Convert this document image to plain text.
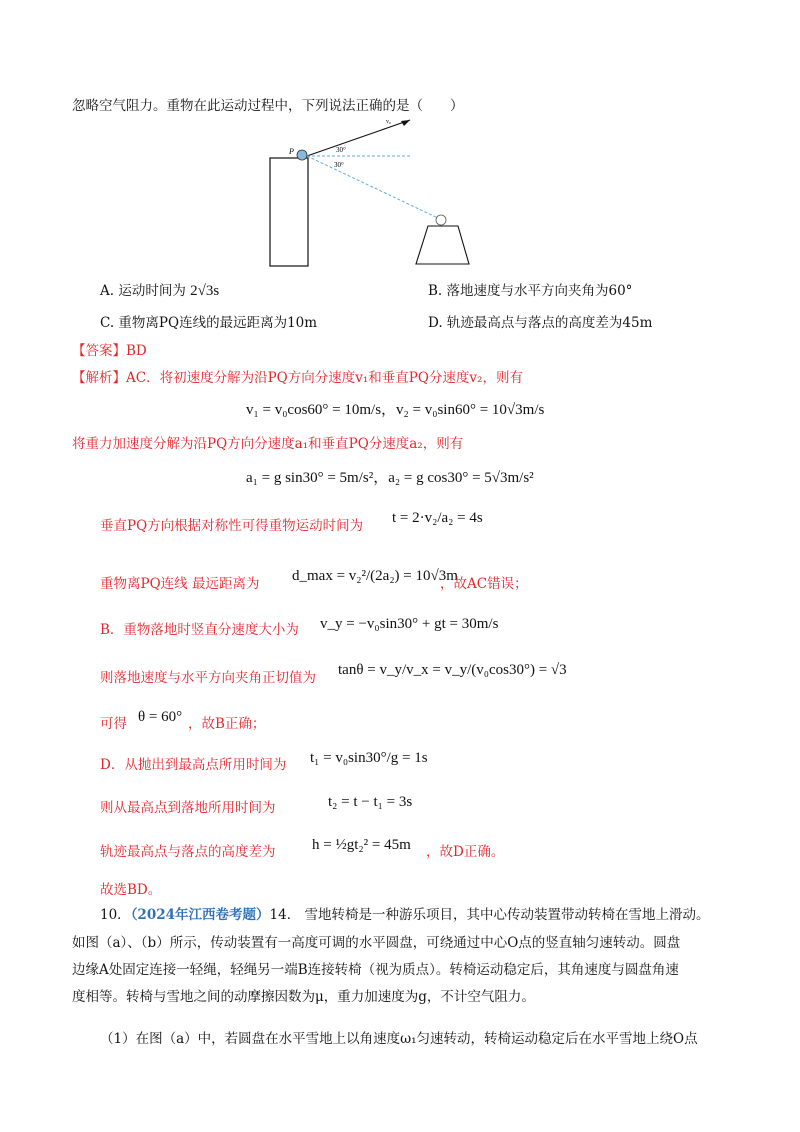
忽略空气阻力。重物在此运动过程中，下列说法正确的是（　　）
P
v₀
30°
30°
A. 运动时间为 2√3s	B. 落地速度与水平方向夹角为60°
C. 重物离PQ连线的最远距离为10m	D. 轨迹最高点与落点的高度差为45m
【答案】BD
【解析】AC．将初速度分解为沿PQ方向分速度v₁和垂直PQ分速度v₂，则有
v₁ = v₀cos60° = 10m/s，v₂ = v₀sin60° = 10√3m/s
将重力加速度分解为沿PQ方向分速度a₁和垂直PQ分速度a₂，则有
a₁ = g sin30° = 5m/s²，a₂ = g cos30° = 5√3m/s²
垂直PQ方向根据对称性可得重物运动时间为 t = 2·v₂/a₂ = 4s
重物离PQ连线 最远距离为 d_max = v₂²/(2a₂) = 10√3m
，故AC错误；
B．重物落地时竖直分速度大小为 v_y = −v₀sin30° + gt = 30m/s
则落地速度与水平方向夹角正切值为 tanθ = v_y/v_x = v_y/(v₀cos30°) = √3
可得 θ = 60° ，故B正确；
D．从抛出到最高点所用时间为 t₁ = v₀sin30°/g = 1s
则从最高点到落地所用时间为	t₂ = t − t₁ = 3s
轨迹最高点与落点的高度差为 h = ½gt₂² = 45m ，故D正确。
故选BD。
10．（2024年江西卷考题）14． 雪地转椅是一种游乐项目，其中心传动装置带动转椅在雪地上滑动。
如图（a）、（b）所示，传动装置有一高度可调的水平圆盘，可绕通过中心O点的竖直轴匀速转动。圆盘
边缘A处固定连接一轻绳，轻绳另一端B连接转椅（视为质点）。转椅运动稳定后，其角速度与圆盘角速
度相等。转椅与雪地之间的动摩擦因数为μ，重力加速度为g，不计空气阻力。
（1）在图（a）中，若圆盘在水平雪地上以角速度ω₁匀速转动，转椅运动稳定后在水平雪地上绕O点
